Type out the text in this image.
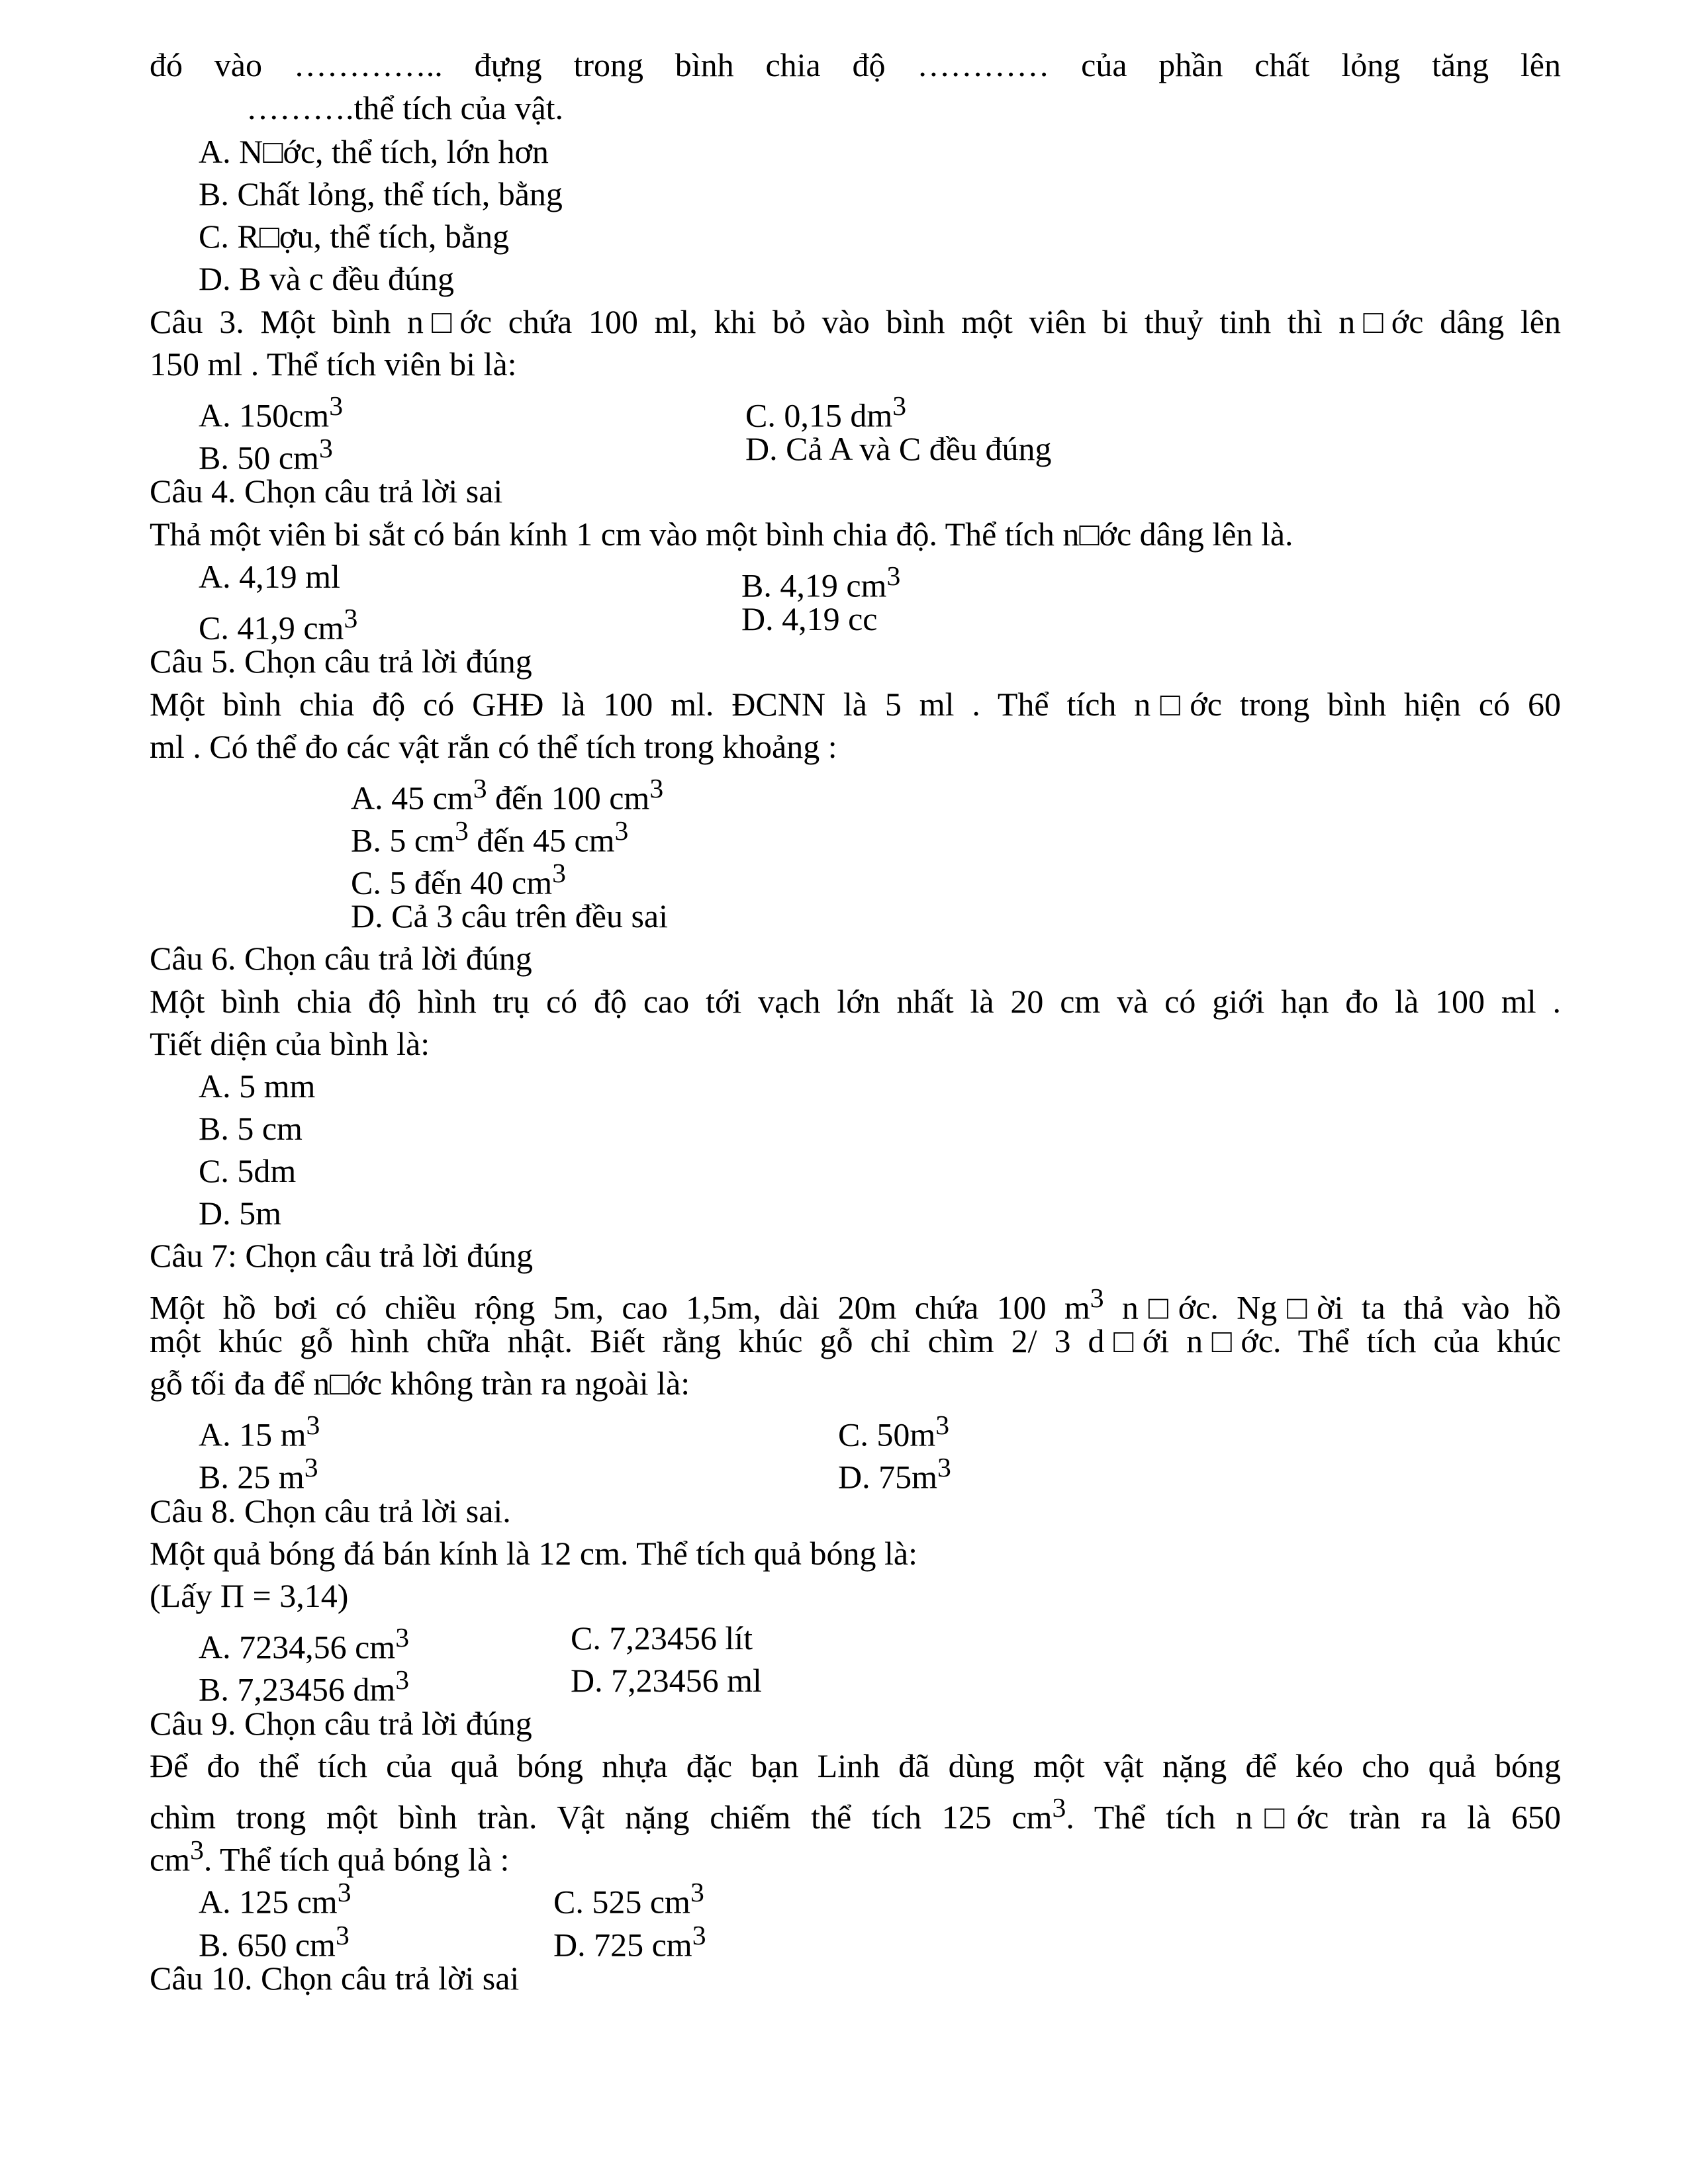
đó vào ………….. đựng trong bình chia độ ………… của phần chất lỏng tăng lên
……….thể tích của vật.
A. N□ớc, thể tích, lớn hơn
B. Chất lỏng, thể tích, bằng
C. R□ợu, thể tích, bằng
D. B và c đều đúng
Câu 3. Một bình n□ớc chứa 100 ml, khi bỏ vào bình một viên bi thuỷ tinh thì n□ớc dâng lên
150 ml . Thể tích viên bi là:
A. $150cm^3$	C. 0,15 $dm^3$
B. 50 $cm^3$	D. Cả A và C đều đúng
Câu 4. Chọn câu trả lời sai
Thả một viên bi sắt có bán kính 1 cm vào một bình chia độ. Thể tích n□ớc dâng lên là.
A. 4,19 ml	B. 4,19 $cm^3$
C. 41,9 $cm^3$	D. 4,19 cc
Câu 5. Chọn câu trả lời đúng
Một bình chia độ có GHĐ là 100 ml. ĐCNN là 5 ml . Thể tích n□ớc trong bình hiện có 60
ml . Có thể đo các vật rắn có thể tích trong khoảng :
A. 45 $cm^3$ đến 100 $cm^3$
B. 5 $cm^3$ đến 45 $cm^3$
C. 5 đến 40 $cm^3$
D. Cả 3 câu trên đều sai
Câu 6. Chọn câu trả lời đúng
Một bình chia độ hình trụ có độ cao tới vạch lớn nhất là 20 cm và có giới hạn đo là 100 ml .
Tiết diện của bình là:
A. 5 mm
B. 5 cm
C. 5dm
D. 5m
Câu 7: Chọn câu trả lời đúng
Một hồ bơi có chiều rộng 5m, cao 1,5m, dài 20m chứa 100 $m^3$ n□ớc. Ng□ời ta thả vào hồ
một khúc gỗ hình chữa nhật. Biết rằng khúc gỗ chỉ chìm 2/ 3 d□ới n□ớc. Thể tích của khúc
gỗ tối đa để n□ớc không tràn ra ngoài là:
A. 15 $m^3$	C. $50m^3$
B. 25 $m^3$	D. $75m^3$
Câu 8. Chọn câu trả lời sai.
Một quả bóng đá bán kính là 12 cm. Thể tích quả bóng là:
(Lấy Π = 3,14)
A. 7234,56 $cm^3$	C. 7,23456 lít
B. 7,23456 $dm^3$	D. 7,23456 ml
Câu 9. Chọn câu trả lời đúng
Để đo thể tích của quả bóng nhựa đặc bạn Linh đã dùng một vật nặng để kéo cho quả bóng
chìm trong một bình tràn. Vật nặng chiếm thể tích 125 $cm^3$. Thể tích n□ớc tràn ra là 650
$cm^3$. Thể tích quả bóng là :
A. 125 $cm^3$	C. 525 $cm^3$
B. 650 $cm^3$	D. 725 $cm^3$
Câu 10. Chọn câu trả lời sai
